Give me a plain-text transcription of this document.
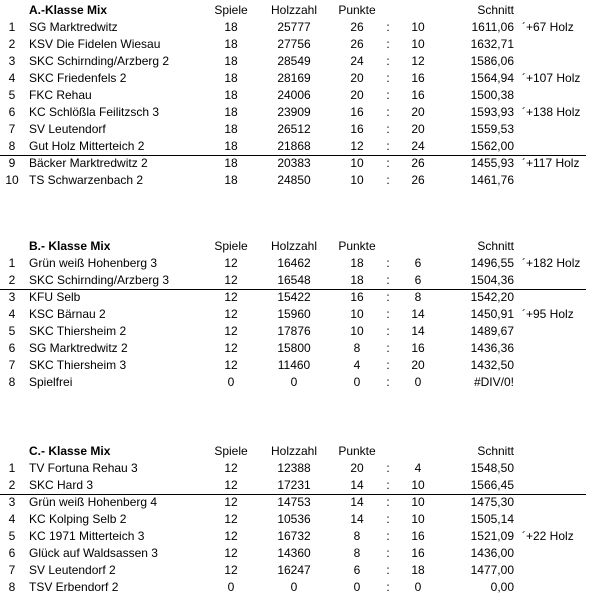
A.-Klasse Mix	Spiele	Holzzahl	Punkte	Schnitt
1	SG Marktredwitz	18	25777	26	:	10	1611,06 ´+67 Holz
2	KSV Die Fidelen Wiesau	18	27756	26	:	10	1632,71
3	SKC Schirnding/Arzberg 2	18	28549	24	:	12	1586,06
4	SKC Friedenfels 2	18	28169	20	:	16	1564,94 ´+107 Holz
5	FKC Rehau	18	24006	20	:	16	1500,38
6	KC Schlößla Feilitzsch 3	18	23909	16	:	20	1593,93 ´+138 Holz
7	SV Leutendorf	18	26512	16	:	20	1559,53
8	Gut Holz Mitterteich 2	18	21868	12	:	24	1562,00
9	Bäcker Marktredwitz 2	18	20383	10	:	26	1455,93 ´+117 Holz
10 TS Schwarzenbach 2	18	24850	10	:	26	1461,76
B.- Klasse Mix	Spiele	Holzzahl	Punkte	Schnitt
1	Grün weiß Hohenberg 3	12	16462	18	:	6	1496,55 ´+182 Holz
2	SKC Schirnding/Arzberg 3	12	16548	18	:	6	1504,36
3	KFU Selb	12	15422	16	:	8	1542,20
4	KSC Bärnau 2	12	15960	10	:	14	1450,91 ´+95 Holz
5	SKC Thiersheim 2	12	17876	10	:	14	1489,67
6	SG Marktredwitz 2	12	15800	8	:	16	1436,36
7	SKC Thiersheim 3	12	11460	4	:	20	1432,50
8	Spielfrei	0	0	0	:	0	#DIV/0!
C.- Klasse Mix	Spiele	Holzzahl	Punkte	Schnitt
1	TV Fortuna Rehau 3	12	12388	20	:	4	1548,50
2	SKC Hard 3	12	17231	14	:	10	1566,45
3	Grün weiß Hohenberg 4	12	14753	14	:	10	1475,30
4	KC Kolping Selb 2	12	10536	14	:	10	1505,14
5	KC 1971 Mitterteich 3	12	16732	8	:	16	1521,09 ´+22 Holz
6	Glück auf Waldsassen 3	12	14360	8	:	16	1436,00
7	SV Leutendorf 2	12	16247	6	:	18	1477,00
8	TSV Erbendorf 2	0	0	0	:	0	0,00
